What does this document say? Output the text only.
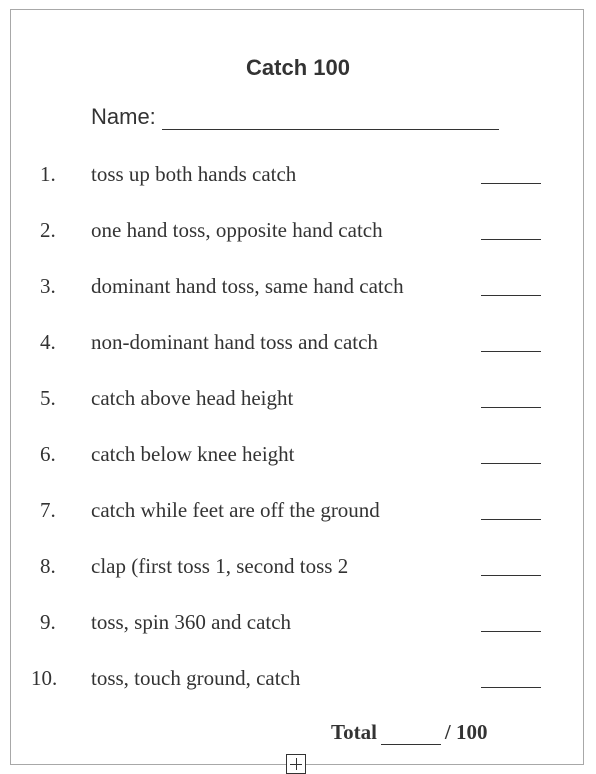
Catch 100
Name:
1. toss up both hands catch
2. one hand toss, opposite hand catch
3. dominant hand toss, same hand catch
4. non-dominant hand toss and catch
5. catch above head height
6. catch below knee height
7. catch while feet are off the ground
8. clap (first toss 1, second toss 2
9. toss, spin 360 and catch
10. toss, touch ground, catch
Total	/ 100
